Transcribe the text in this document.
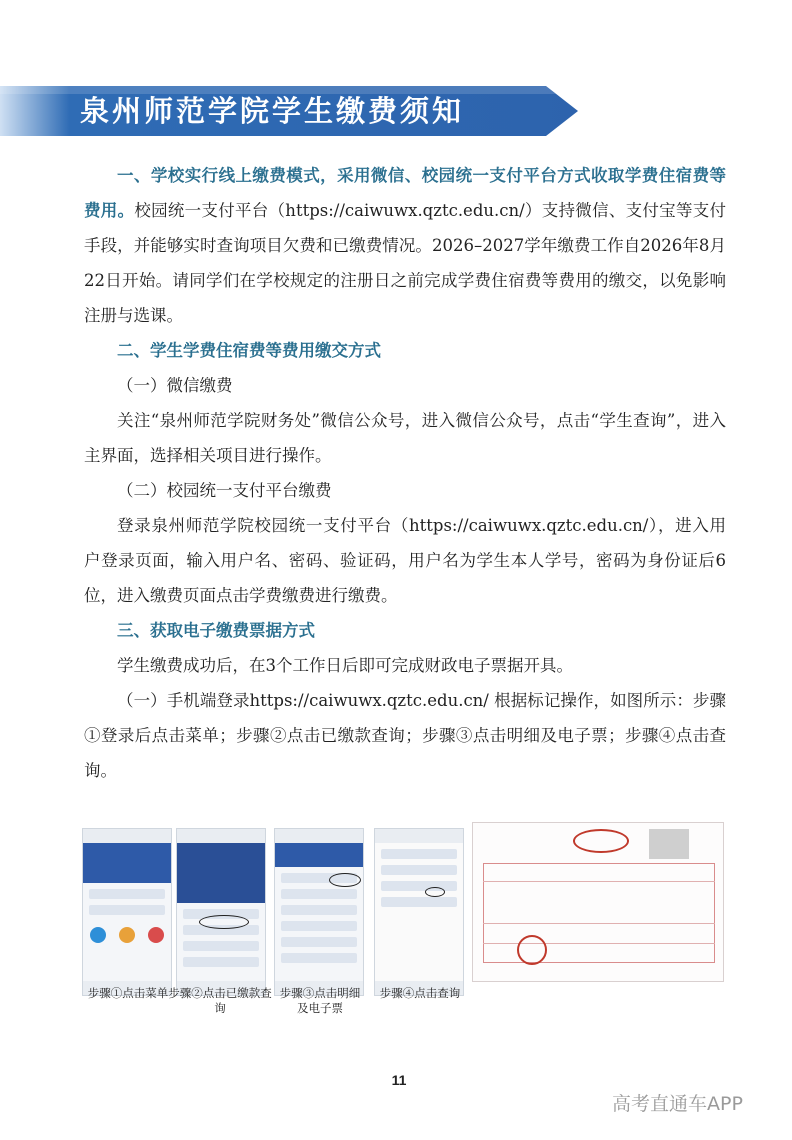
泉州师范学院学生缴费须知

一、学校实行线上缴费模式，采用微信、校园统一支付平台方式收取学费住宿费等费用。校园统一支付平台（https://caiwuwx.qztc.edu.cn/）支持微信、支付宝等支付手段，并能够实时查询项目欠费和已缴费情况。2026–2027学年缴费工作自2026年8月22日开始。请同学们在学校规定的注册日之前完成学费住宿费等费用的缴交，以免影响注册与选课。

二、学生学费住宿费等费用缴交方式

（一）微信缴费

关注“泉州师范学院财务处”微信公众号，进入微信公众号，点击“学生查询”，进入主界面，选择相关项目进行操作。

（二）校园统一支付平台缴费

登录泉州师范学院校园统一支付平台（https://caiwuwx.qztc.edu.cn/），进入用户登录页面，输入用户名、密码、验证码，用户名为学生本人学号，密码为身份证后6位，进入缴费页面点击学费缴费进行缴费。

三、获取电子缴费票据方式

学生缴费成功后，在3个工作日后即可完成财政电子票据开具。

（一）手机端登录https://caiwuwx.qztc.edu.cn/ 根据标记操作，如图所示：步骤①登录后点击菜单；步骤②点击已缴款查询；步骤③点击明细及电子票；步骤④点击查询。

步骤①点击菜单 步骤②点击已缴款查询
步骤③点击明细及电子票
步骤④点击查询
11
高考直通车APP
